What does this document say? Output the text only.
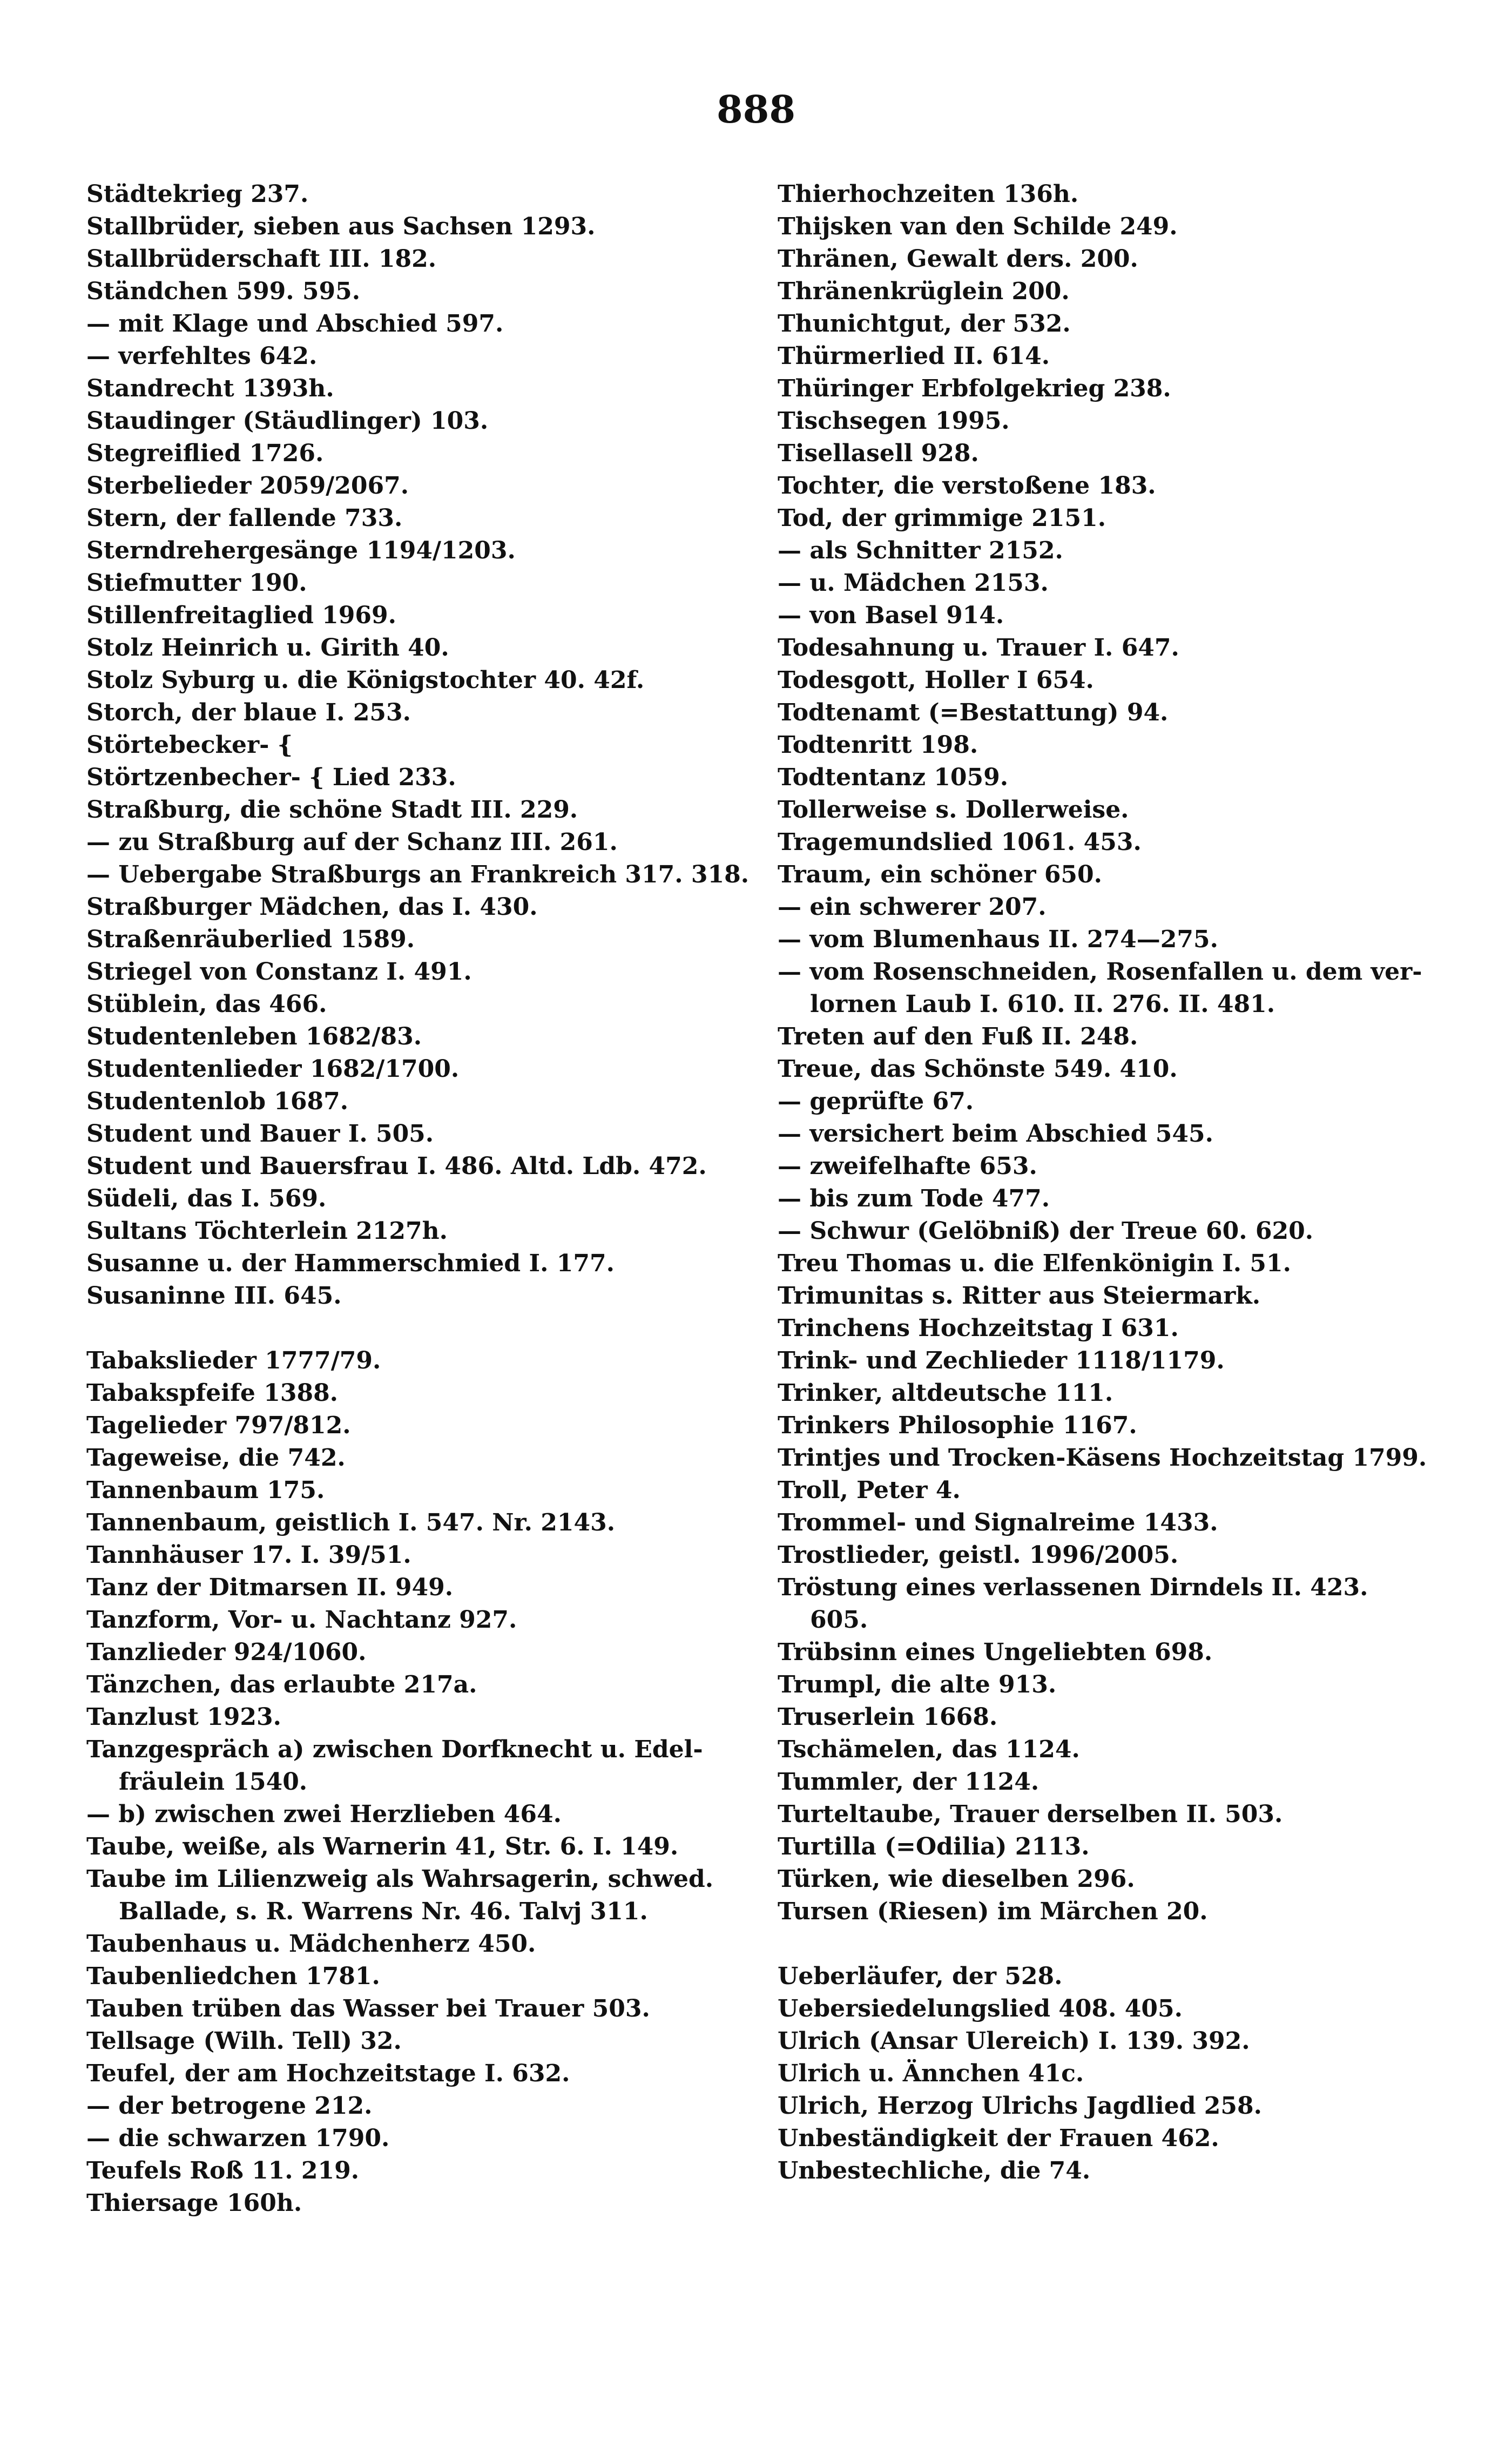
888
Städtekrieg 237.
Stallbrüder, sieben aus Sachsen 1293.
Stallbrüderschaft III. 182.
Ständchen 599. 595.
— mit Klage und Abschied 597.
— verfehltes 642.
Standrecht 1393h.
Staudinger (Stäudlinger) 103.
Stegreiflied 1726.
Sterbelieder 2059/2067.
Stern, der fallende 733.
Sterndrehergesänge 1194/1203.
Stiefmutter 190.
Stillenfreitaglied 1969.
Stolz Heinrich u. Girith 40.
Stolz Syburg u. die Königstochter 40. 42f.
Storch, der blaue I. 253.
Störtebecker- {
Störtzenbecher- { Lied 233.
Straßburg, die schöne Stadt III. 229.
— zu Straßburg auf der Schanz III. 261.
— Uebergabe Straßburgs an Frankreich 317. 318.
Straßburger Mädchen, das I. 430.
Straßenräuberlied 1589.
Striegel von Constanz I. 491.
Stüblein, das 466.
Studentenleben 1682/83.
Studentenlieder 1682/1700.
Studentenlob 1687.
Student und Bauer I. 505.
Student und Bauersfrau I. 486. Altd. Ldb. 472.
Südeli, das I. 569.
Sultans Töchterlein 2127h.
Susanne u. der Hammerschmied I. 177.
Susaninne III. 645.
Tabakslieder 1777/79.
Tabakspfeife 1388.
Tagelieder 797/812.
Tageweise, die 742.
Tannenbaum 175.
Tannenbaum, geistlich I. 547. Nr. 2143.
Tannhäuser 17. I. 39/51.
Tanz der Ditmarsen II. 949.
Tanzform, Vor- u. Nachtanz 927.
Tanzlieder 924/1060.
Tänzchen, das erlaubte 217a.
Tanzlust 1923.
Tanzgespräch a) zwischen Dorfknecht u. Edel-
fräulein 1540.
— b) zwischen zwei Herzlieben 464.
Taube, weiße, als Warnerin 41, Str. 6. I. 149.
Taube im Lilienzweig als Wahrsagerin, schwed.
Ballade, s. R. Warrens Nr. 46. Talvj 311.
Taubenhaus u. Mädchenherz 450.
Taubenliedchen 1781.
Tauben trüben das Wasser bei Trauer 503.
Tellsage (Wilh. Tell) 32.
Teufel, der am Hochzeitstage I. 632.
— der betrogene 212.
— die schwarzen 1790.
Teufels Roß 11. 219.
Thiersage 160h.
Thierhochzeiten 136h.
Thijsken van den Schilde 249.
Thränen, Gewalt ders. 200.
Thränenkrüglein 200.
Thunichtgut, der 532.
Thürmerlied II. 614.
Thüringer Erbfolgekrieg 238.
Tischsegen 1995.
Tisellasell 928.
Tochter, die verstoßene 183.
Tod, der grimmige 2151.
— als Schnitter 2152.
— u. Mädchen 2153.
— von Basel 914.
Todesahnung u. Trauer I. 647.
Todesgott, Holler I 654.
Todtenamt (=Bestattung) 94.
Todtenritt 198.
Todtentanz 1059.
Tollerweise s. Dollerweise.
Tragemundslied 1061. 453.
Traum, ein schöner 650.
— ein schwerer 207.
— vom Blumenhaus II. 274—275.
— vom Rosenschneiden, Rosenfallen u. dem ver-
lornen Laub I. 610. II. 276. II. 481.
Treten auf den Fuß II. 248.
Treue, das Schönste 549. 410.
— geprüfte 67.
— versichert beim Abschied 545.
— zweifelhafte 653.
— bis zum Tode 477.
— Schwur (Gelöbniß) der Treue 60. 620.
Treu Thomas u. die Elfenkönigin I. 51.
Trimunitas s. Ritter aus Steiermark.
Trinchens Hochzeitstag I 631.
Trink- und Zechlieder 1118/1179.
Trinker, altdeutsche 111.
Trinkers Philosophie 1167.
Trintjes und Trocken-Käsens Hochzeitstag 1799.
Troll, Peter 4.
Trommel- und Signalreime 1433.
Trostlieder, geistl. 1996/2005.
Tröstung eines verlassenen Dirndels II. 423.
605.
Trübsinn eines Ungeliebten 698.
Trumpl, die alte 913.
Truserlein 1668.
Tschämelen, das 1124.
Tummler, der 1124.
Turteltaube, Trauer derselben II. 503.
Turtilla (=Odilia) 2113.
Türken, wie dieselben 296.
Tursen (Riesen) im Märchen 20.
Ueberläufer, der 528.
Uebersiedelungslied 408. 405.
Ulrich (Ansar Ulereich) I. 139. 392.
Ulrich u. Ännchen 41c.
Ulrich, Herzog Ulrichs Jagdlied 258.
Unbeständigkeit der Frauen 462.
Unbestechliche, die 74.
